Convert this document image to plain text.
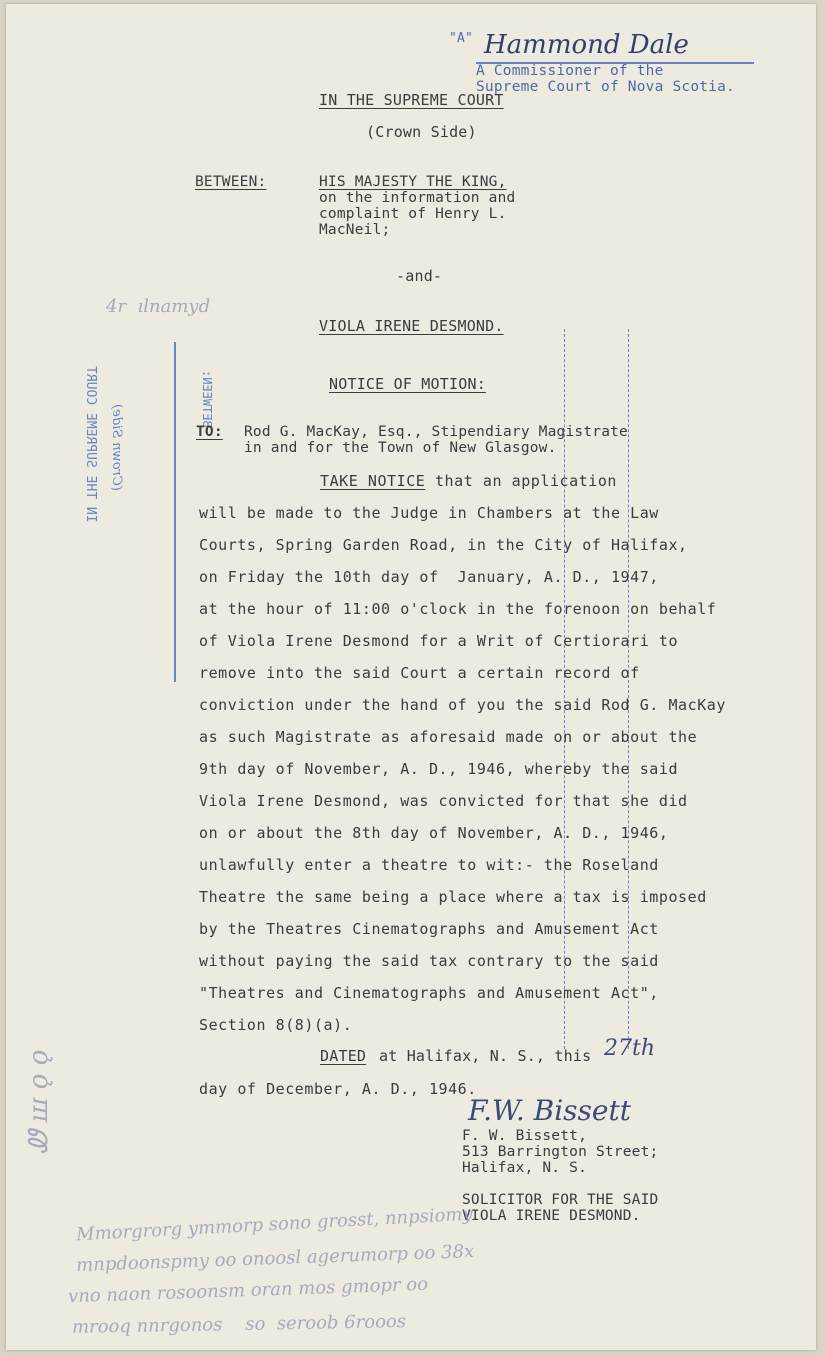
"A" Hammond Dale
A Commissioner of the
Supreme Court of Nova Scotia.
IN THE SUPREME COURT
(Crown Side)
BETWEEN:	HIS MAJESTY THE KING,
on the information and
complaint of Henry L.
MacNeil;
-and-
VIOLA IRENE DESMOND.
4r  ılnamyd
IN THE SUPREME COURT (Crown Side)
BETWEEN:	NOTICE OF MOTION:
TO: Rod G. MacKay, Esq., Stipendiary Magistrate
in and for the Town of New Glasgow.
TAKE NOTICE that an application
will be made to the Judge in Chambers at the Law
Courts, Spring Garden Road, in the City of Halifax,
on Friday the 10th day of  January, A. D., 1947,
at the hour of 11:00 o'clock in the forenoon on behalf
of Viola Irene Desmond for a Writ of Certiorari to
remove into the said Court a certain record of
conviction under the hand of you the said Rod G. MacKay
as such Magistrate as aforesaid made on or about the
9th day of November, A. D., 1946, whereby the said
Viola Irene Desmond, was convicted for that she did
on or about the 8th day of November, A. D., 1946,
unlawfully enter a theatre to wit:- the Roseland
Theatre the same being a place where a tax is imposed
by the Theatres Cinematographs and Amusement Act
without paying the said tax contrary to the said
"Theatres and Cinematographs and Amusement Act",
Section 8(8)(a).
DATED at Halifax, N. S., this 27th
day of December, A. D., 1946.
F.W. Bissett
F. W. Bissett,
513 Barrington Street;
Halifax, N. S.
SOLICITOR FOR THE SAID
VIOLA IRENE DESMOND.
Ꮺ ꟺ ǫ ǫ
Mmorgrorg ymmorp sono grosst, nnpsiomy
mnpdoonspmy oo onoosl agerumorp oo 38x
vno naon rosoonsm oran mos gmopr oo
mrooq nnrgonos    so  seroob 6rooos
